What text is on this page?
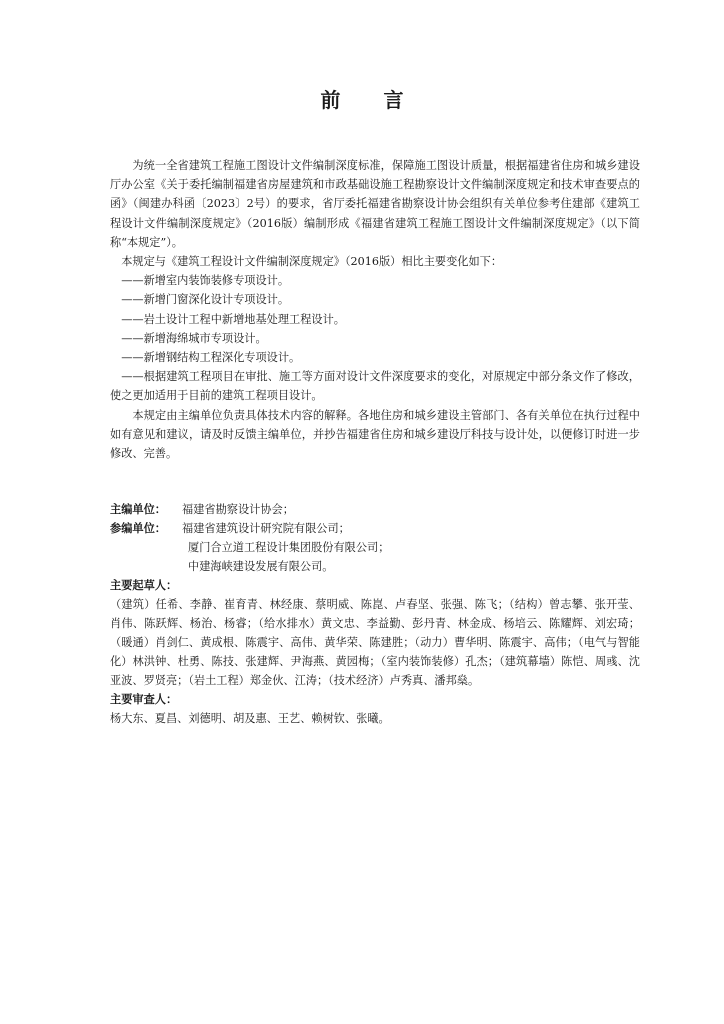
前 言

为统一全省建筑工程施工图设计文件编制深度标准，保障施工图设计质量，根据福建省住房和城乡建设厅办公室《关于委托编制福建省房屋建筑和市政基础设施工程勘察设计文件编制深度规定和技术审查要点的函》（闽建办科函〔2023〕2号）的要求，省厅委托福建省勘察设计协会组织有关单位参考住建部《建筑工程设计文件编制深度规定》（2016版）编制形成《福建省建筑工程施工图设计文件编制深度规定》（以下简称“本规定”）。

本规定与《建筑工程设计文件编制深度规定》（2016版）相比主要变化如下：

——新增室内装饰装修专项设计。

——新增门窗深化设计专项设计。

——岩土设计工程中新增地基处理工程设计。

——新增海绵城市专项设计。

——新增钢结构工程深化专项设计。

——根据建筑工程项目在审批、施工等方面对设计文件深度要求的变化，对原规定中部分条文作了修改，使之更加适用于目前的建筑工程项目设计。

本规定由主编单位负责具体技术内容的解释。各地住房和城乡建设主管部门、各有关单位在执行过程中如有意见和建议，请及时反馈主编单位，并抄告福建省住房和城乡建设厅科技与设计处，以便修订时进一步修改、完善。

主编单位：	福建省勘察设计协会；
参编单位：	福建省建筑设计研究院有限公司；
厦门合立道工程设计集团股份有限公司；
中建海峡建设发展有限公司。
主要起草人：

（建筑）任希、李静、崔育青、林经康、蔡明威、陈崑、卢春坚、张强、陈飞；（结构）曾志攀、张开莹、肖伟、陈跃辉、杨治、杨睿；（给水排水）黄文忠、李益勤、彭丹青、林金成、杨培云、陈耀辉、刘宏琦；（暖通）肖剑仁、黄成根、陈震宇、高伟、黄华荣、陈建胜；（动力）曹华明、陈震宇、高伟；（电气与智能化）林洪钟、杜勇、陈技、张建辉、尹海燕、黄园梅；（室内装饰装修）孔杰；（建筑幕墙）陈恺、周彧、沈亚波、罗贤亮；（岩土工程）郑金伙、江涛；（技术经济）卢秀真、潘邦燊。

主要审查人：

杨大东、夏昌、刘德明、胡及惠、王艺、赖树钦、张曦。
